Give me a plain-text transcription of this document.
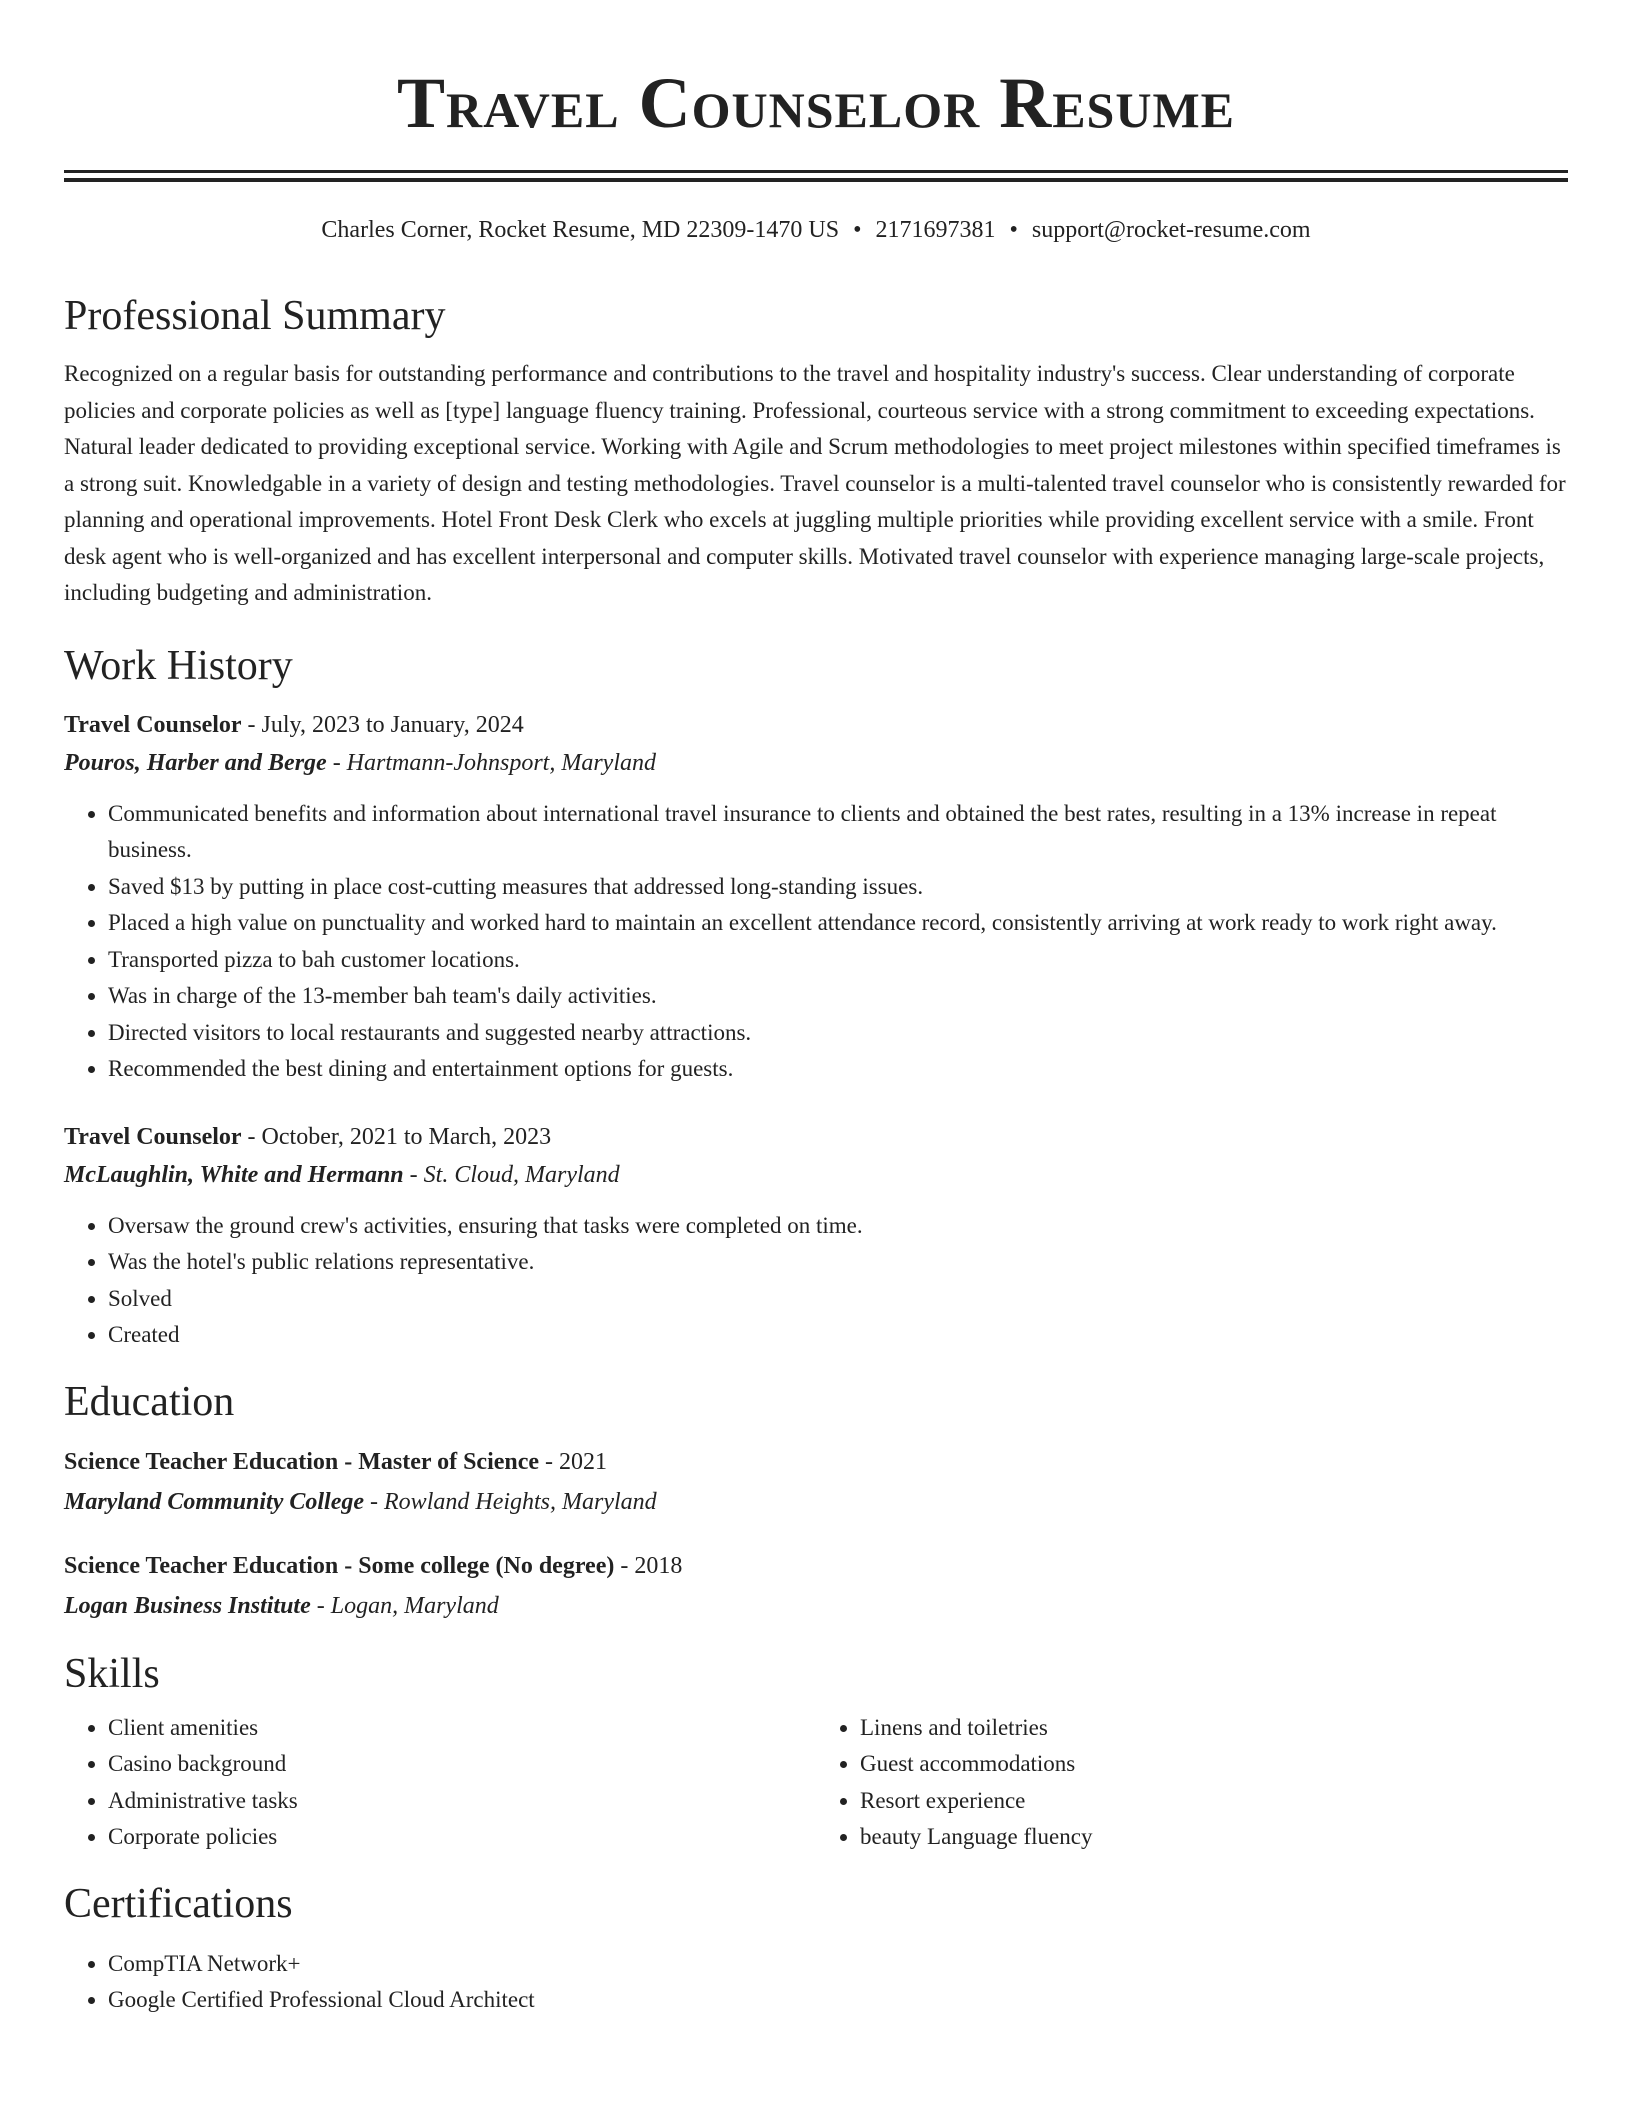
Travel Counselor Resume
Charles Corner, Rocket Resume, MD 22309-1470 US • 2171697381 • support@rocket-resume.com
Professional Summary
Recognized on a regular basis for outstanding performance and contributions to the travel and hospitality industry's success. Clear understanding of corporate policies and corporate policies as well as [type] language fluency training. Professional, courteous service with a strong commitment to exceeding expectations. Natural leader dedicated to providing exceptional service. Working with Agile and Scrum methodologies to meet project milestones within specified timeframes is a strong suit. Knowledgable in a variety of design and testing methodologies. Travel counselor is a multi-talented travel counselor who is consistently rewarded for planning and operational improvements. Hotel Front Desk Clerk who excels at juggling multiple priorities while providing excellent service with a smile. Front desk agent who is well-organized and has excellent interpersonal and computer skills. Motivated travel counselor with experience managing large-scale projects, including budgeting and administration.
Work History
Travel Counselor - July, 2023 to January, 2024
Pouros, Harber and Berge - Hartmann-Johnsport, Maryland
• Communicated benefits and information about international travel insurance to clients and obtained the best rates, resulting in a 13% increase in repeat business.
• Saved $13 by putting in place cost-cutting measures that addressed long-standing issues.
• Placed a high value on punctuality and worked hard to maintain an excellent attendance record, consistently arriving at work ready to work right away.
• Transported pizza to bah customer locations.
• Was in charge of the 13-member bah team's daily activities.
• Directed visitors to local restaurants and suggested nearby attractions.
• Recommended the best dining and entertainment options for guests.
Travel Counselor - October, 2021 to March, 2023
McLaughlin, White and Hermann - St. Cloud, Maryland
• Oversaw the ground crew's activities, ensuring that tasks were completed on time.
• Was the hotel's public relations representative.
• Solved
• Created
Education
Science Teacher Education - Master of Science - 2021
Maryland Community College - Rowland Heights, Maryland
Science Teacher Education - Some college (No degree) - 2018
Logan Business Institute - Logan, Maryland
Skills
• Client amenities
• Casino background
• Administrative tasks
• Corporate policies
• Linens and toiletries
• Guest accommodations
• Resort experience
• beauty Language fluency
Certifications
• CompTIA Network+
• Google Certified Professional Cloud Architect
